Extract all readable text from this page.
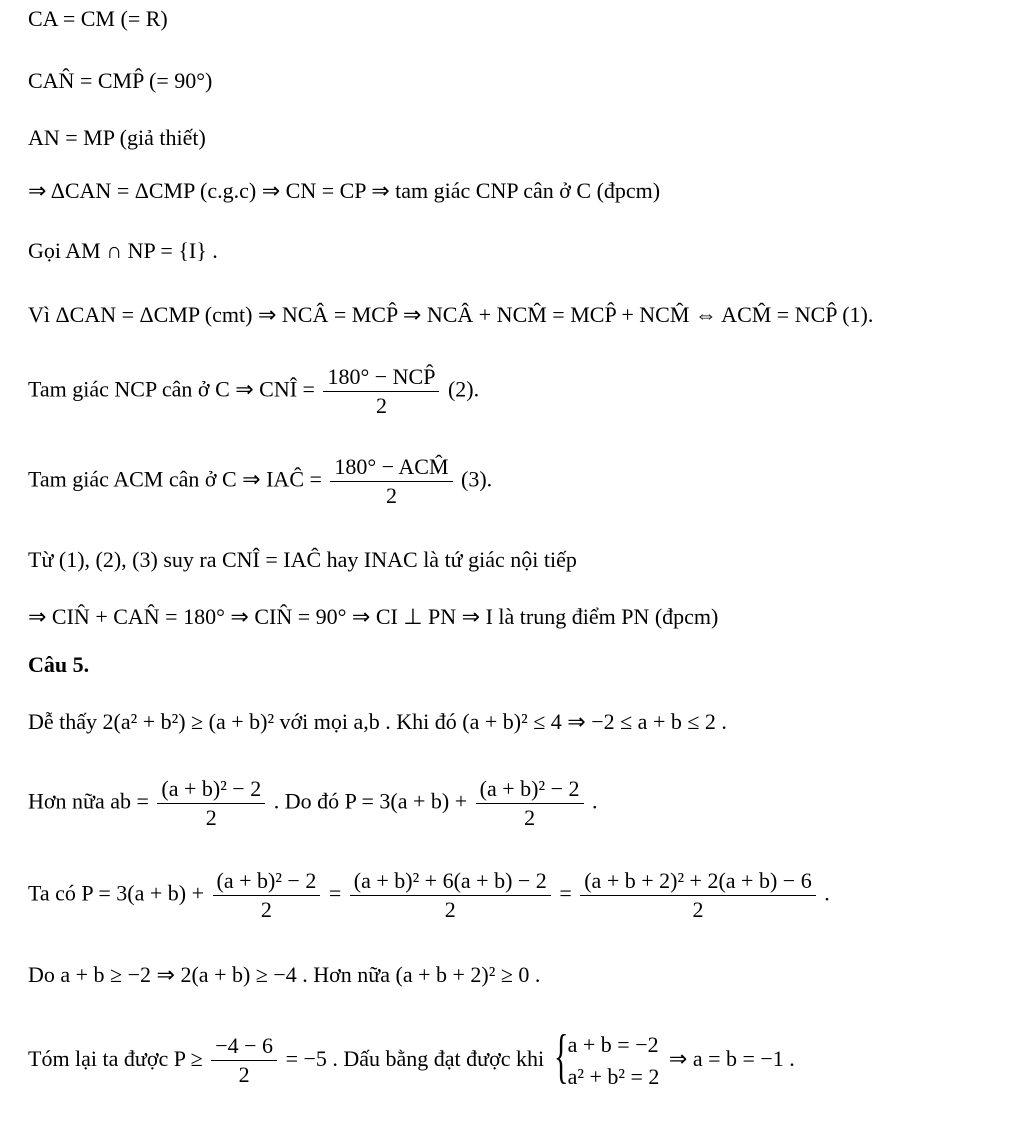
CA = CM (= R)
CAN̂ = CMP̂ (= 90°)
AN = MP (giả thiết)
⇒ ΔCAN = ΔCMP (c.g.c) ⇒ CN = CP ⇒ tam giác CNP cân ở C (đpcm)
Gọi AM ∩ NP = {I} .
Vì ΔCAN = ΔCMP (cmt) ⇒ NCÂ = MCP̂ ⇒ NCÂ + NCM̂ = MCP̂ + NCM̂ ⇔ ACM̂ = NCP̂ (1).
Tam giác NCP cân ở C ⇒ CNÎ = $\frac{\text{180° − NCP̂}}{2} (2)$.
Tam giác ACM cân ở C ⇒ IAĈ = $\frac{\text{180° − ACM̂}}{2} (3)$.
Từ (1), (2), (3) suy ra CNÎ = IAĈ hay INAC là tứ giác nội tiếp
⇒ CIN̂ + CAN̂ = 180° ⇒ CIN̂ = 90° ⇒ CI ⊥ PN ⇒ I là trung điểm PN (đpcm)
Câu 5.
Dễ thấy 2(a² + b²) ≥ (a + b)² với mọi a,b . Khi đó (a + b)² ≤ 4 ⇒ −2 ≤ a + b ≤ 2 .
Hơn nữa ab = $\frac{\text{(a + b)² − 2}}{2}$ . Do đó $P = 3(a + b) + \frac{\text{(a + b)² − 2}}{2}$ .
Ta có $P = 3(a + b) + \frac{\text{(a + b)² − 2}}{2} = \frac{\text{(a + b)² + 6(a + b) − 2}}{2} = \frac{\text{(a + b + 2)² + 2(a + b) − 6}}{2}$ .
Do a + b ≥ −2 ⇒ 2(a + b) ≥ −4 . Hơn nữa (a + b + 2)² ≥ 0 .
Tóm lại ta được $P \ge \frac{-4 - 6}{2} = -5$ . Dấu bằng đạt được khi { a + b = −2
a² + b² = 2
⇒ a = b = −1 .
